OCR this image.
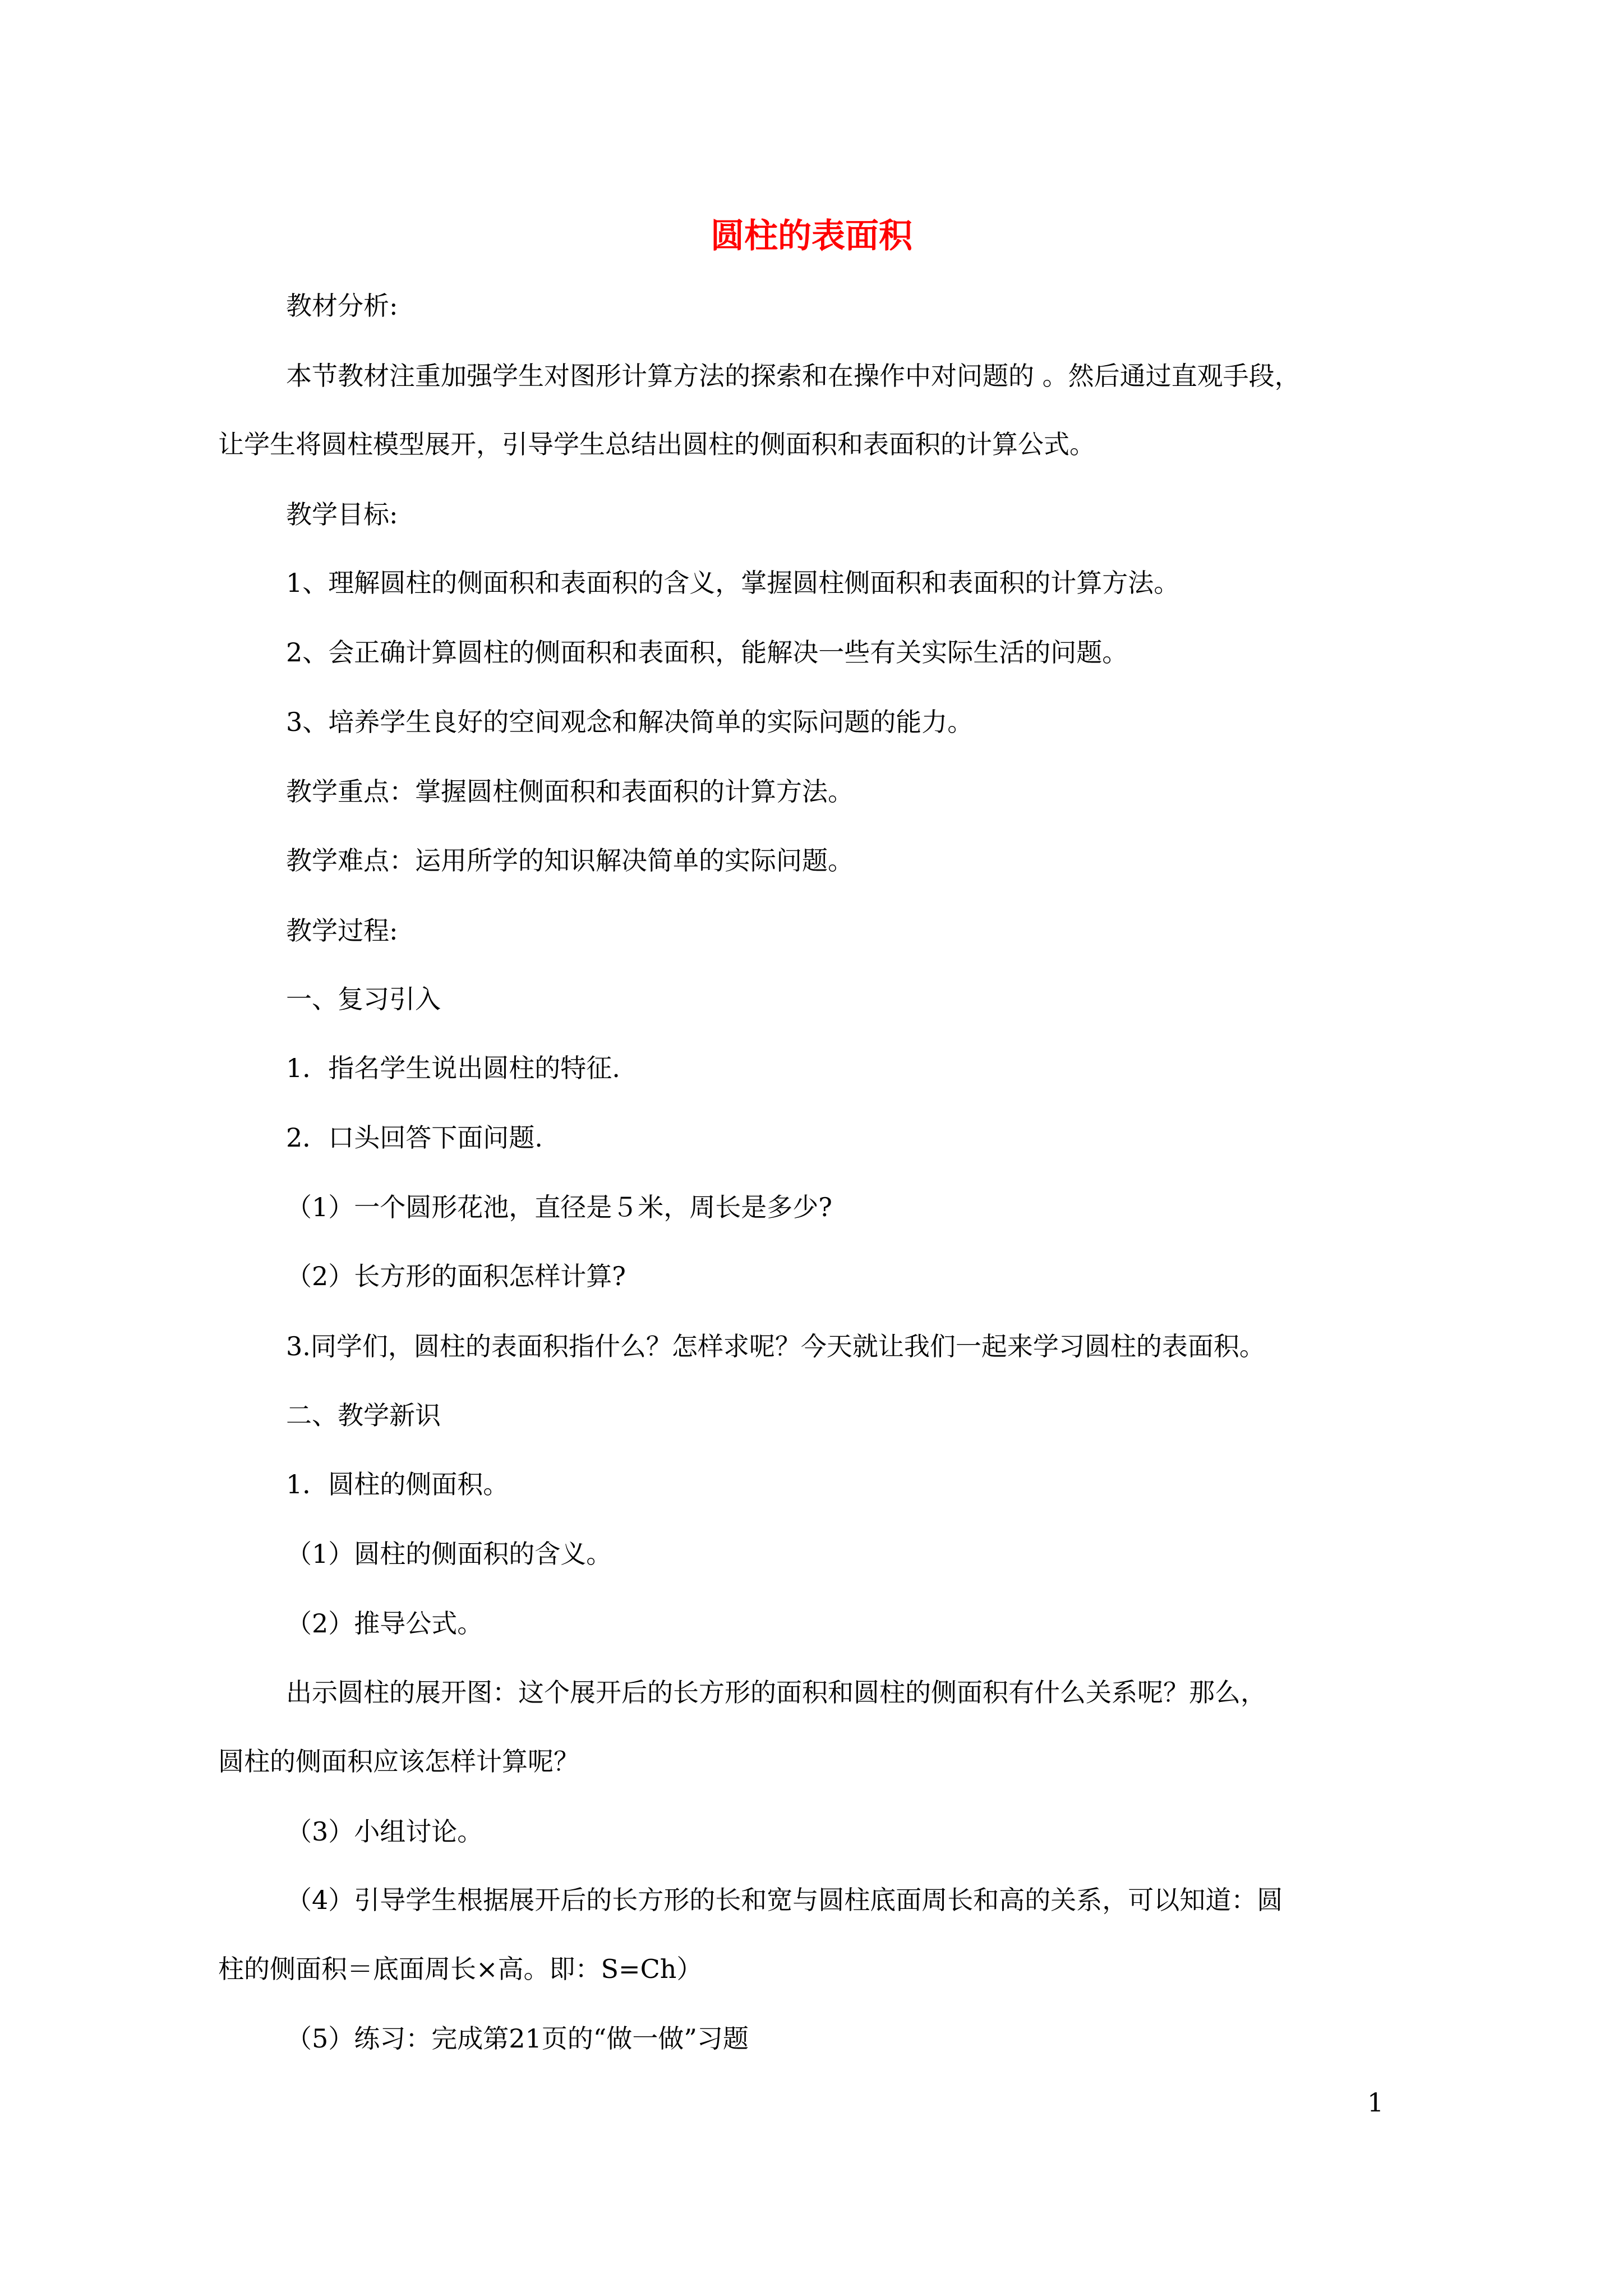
圆柱的表面积
教材分析:
本节教材注重加强学生对图形计算方法的探索和在操作中对问题的 。然后通过直观手段，
让学生将圆柱模型展开，引导学生总结出圆柱的侧面积和表面积的计算公式。
教学目标:
1、理解圆柱的侧面积和表面积的含义，掌握圆柱侧面积和表面积的计算方法。
2、会正确计算圆柱的侧面积和表面积，能解决一些有关实际生活的问题。
3、培养学生良好的空间观念和解决简单的实际问题的能力。
教学重点：掌握圆柱侧面积和表面积的计算方法。
教学难点：运用所学的知识解决简单的实际问题。
教学过程:
一、复习引入
1．指名学生说出圆柱的特征.
2．口头回答下面问题.
（1）一个圆形花池，直径是５米，周长是多少?
（2）长方形的面积怎样计算?
3.同学们，圆柱的表面积指什么？怎样求呢？今天就让我们一起来学习圆柱的表面积。
二、教学新识
1．圆柱的侧面积。
（1）圆柱的侧面积的含义。
（2）推导公式。
出示圆柱的展开图：这个展开后的长方形的面积和圆柱的侧面积有什么关系呢？那么，
圆柱的侧面积应该怎样计算呢？
（3）小组讨论。
（4）引导学生根据展开后的长方形的长和宽与圆柱底面周长和高的关系，可以知道：圆
柱的侧面积＝底面周长×高。即：S=Ch）
（5）练习：完成第21页的“做一做”习题
1
